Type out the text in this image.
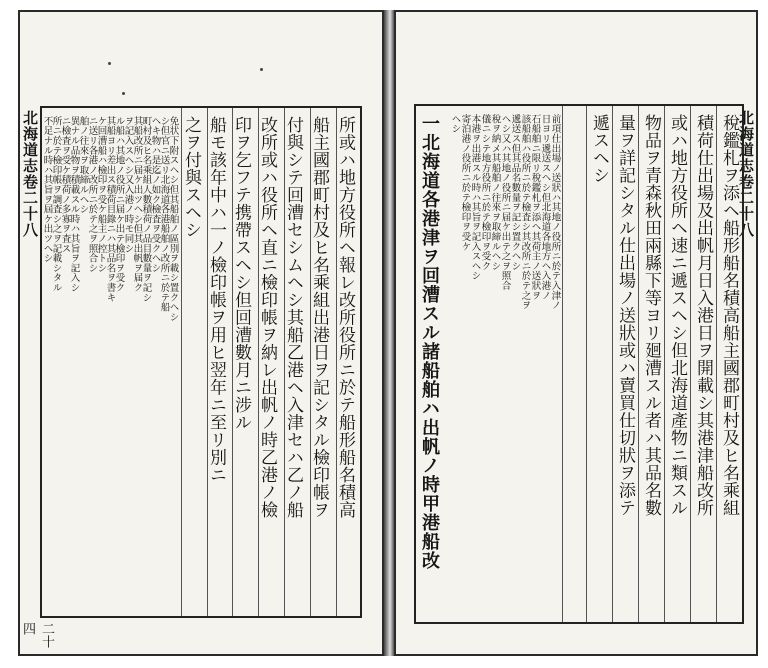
北海道志卷二十八
二十四
所或ハ地方役所ヘ報レ改所役所ニ於テ船形船名積高
船主國郡町村及ヒ名乘組出港日ヲ記シタル檢印帳ヲ
付與シテ回漕セシムヘシ其船乙港ヘ入津セハ乙ノ船
改所或ハ役所ヘ直ニ檢印帳ヲ納レ出帆ノ時乙港ノ檢
印ヲ乞フテ携帶スヘシ但回漕數月ニ涉ル
船モ該年中ハ一ノ檢印帳ヲ用ヒ翌年ニ至リ別ニ
之ヲ付與スヘシ
免状下附スヘシ但其船舶ノ區別ヲ載シ置クヘシ
シ但官ニ送リ北海道各港船舶ノ改所ニ於テ船
ヘキ物ハ是迄ノ如ク檢査ヲ受クヘシ
町村及ヒ名乘組人數積荷ノ品目數量ヲ記シ
其船改所ニ届ケ出ツヘシ但其出帆ヲ届ク
ヲ記入スヘシ又入港ノ時モ同シ
ル船ハ其地ノ役所ニ届ケ出テ檢印ヲ受ク
其船ヨリ差出ス積荷目錄ニハ其品名ヲ書キ
ケ回漕船ハ檢印ヲ受ケ船主ノ控トシ
ニ送リ各港ノ改所ニ於テ之ヲ照合シ
舶ノ往來ヲ取締ルヘシ
異ナル品物ヲ積載スル時ハ其旨ヲ記入シ
ニ檢査ヲ受ケ積荷ノ多寡ヲ査ス
所ニ於テ檢印帳ヲ調査シ之ヲ記載シタル
不足ナル時ハ其旨ヲ屆ケ出ツヘシ	北海道志卷二十八
稅鑑札ヲ添ヘ船形船名積高船主國郡町村及ヒ名乘組
積荷仕出場及出帆月日入港日ヲ開載シ其港津船改所
或ハ地方役所ヘ速ニ遞スヘシ但北海道產物ニ類スル
物品ヲ青森秋田兩縣下等ヨリ廻漕スル者ハ其品名數
量ヲ詳記シタル仕出場ノ送狀或ハ賣買仕切狀ヲ添テ
遞スヘシ
前項仕出場ノ送狀ハ其地ノ役所ニ於テ入津ノ
日ヨリ遞送スヘシ但北海道各地方ヘ入港ノ
石船舶ニ限リ稅鑑札ヲ添ヘ其荷主ノ送狀ヲ
該船舶ハ役所ニ於テ檢査シ其改所ニ於テ之ヲ
遞送ス但其品名數量ヲ記シ置クヘシ
ヘシ又ハ其地ノ役所ニ届ケ出テ之ヲ照合
稅ヲ納メ其船舶ノ往來ヲ取締ルヘシ
儀ニシテ地方役所ニ於テ檢印ヲ受ク
本港ヲ出港スル時ハ其旨ヲ記入スヘシ
寄泊港ノ役所ニ於テ檢印ヲ受ケ
ヘシ
一北海道各港津ヲ回漕スル諸船舶ハ出帆ノ時甲港船改
